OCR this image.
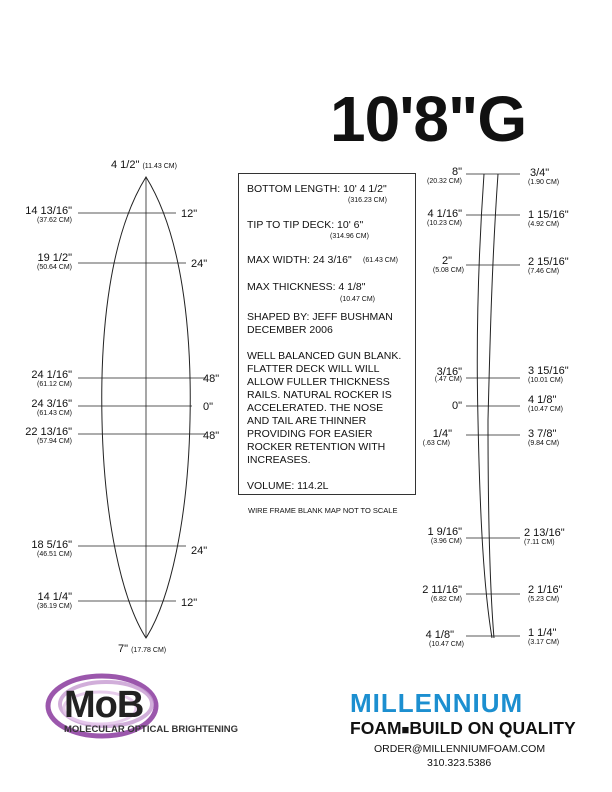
10'8"G
4 1/2" (11.43 CM)
14 13/16"
(37.62 CM)
12"
19 1/2"
(50.64 CM)	24"
24 1/16"
(61.12 CM)	48"
24 3/16"
(61.43 CM)
0"
22 13/16"
(57.94 CM)	48"
18 5/16"
(46.51 CM)	24"
14 1/4"
(36.19 CM)	12"
7" (17.78 CM)
BOTTOM LENGTH: 10' 4 1/2"
(316.23 CM)
TIP TO TIP DECK: 10' 6"
(314.96 CM)
MAX WIDTH: 24 3/16" (61.43 CM)
MAX THICKNESS: 4 1/8"
(10.47 CM)
SHAPED BY: JEFF BUSHMAN
DECEMBER 2006
WELL BALANCED GUN BLANK.
FLATTER DECK WILL WILL
ALLOW FULLER THICKNESS
RAILS. NATURAL ROCKER IS
ACCELERATED. THE NOSE
AND TAIL ARE THINNER
PROVIDING FOR EASIER
ROCKER RETENTION WITH
INCREASES.
VOLUME: 114.2L
WIRE FRAME BLANK MAP NOT TO SCALE
8"
(20.32 CM)
4 1/16"
(10.23 CM)
2"
(5.08 CM)
3/16"
(.47 CM)
0"
1/4"
(.63 CM)
1 9/16"
(3.96 CM)
2 11/16"
(6.82 CM)
4 1/8"
(10.47 CM)
3/4"
(1.90 CM)
1 15/16"
(4.92 CM)
2 15/16"
(7.46 CM)
3 15/16"
(10.01 CM)
4 1/8"
(10.47 CM)
3 7/8"
(9.84 CM)
2 13/16"
(7.11 CM)
2 1/16"
(5.23 CM)
1 1/4"
(3.17 CM)
MoB
MOLECULAR OPTICAL BRIGHTENING
MILLENNIUM
FOAM■BUILD ON QUALITY
ORDER@MILLENNIUMFOAM.COM
310.323.5386
